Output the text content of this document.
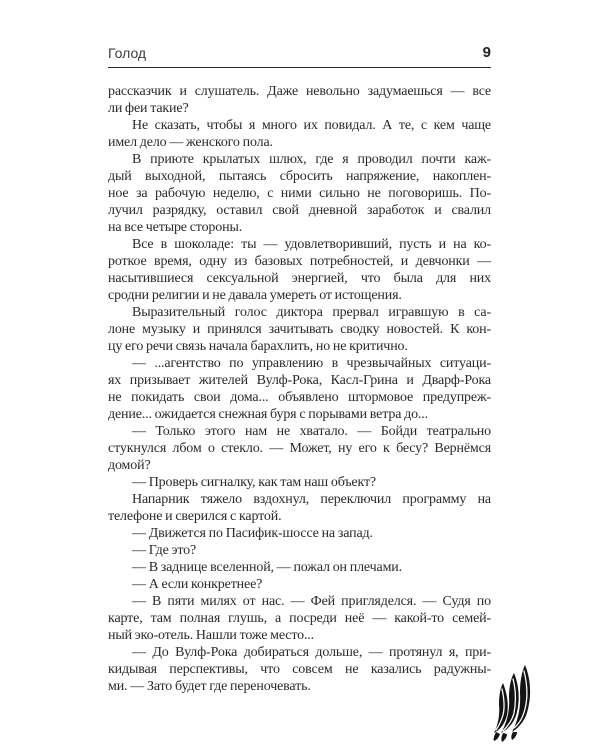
Голод	9
рассказчик и слушатель. Даже невольно задумаешься — все
ли феи такие?
Не сказать, чтобы я много их повидал. А те, с кем чаще
имел дело — женского пола.
В приюте крылатых шлюх, где я проводил почти каж-
дый выходной, пытаясь сбросить напряжение, накоплен-
ное за рабочую неделю, с ними сильно не поговоришь. По-
лучил разрядку, оставил свой дневной заработок и свалил
на все четыре стороны.
Все в шоколаде: ты — удовлетворивший, пусть и на ко-
роткое время, одну из базовых потребностей, и девчонки —
насытившиеся сексуальной энергией, что была для них
сродни религии и не давала умереть от истощения.
Выразительный голос диктора прервал игравшую в са-
лоне музыку и принялся зачитывать сводку новостей. К кон-
цу его речи связь начала барахлить, но не критично.
— ...агентство по управлению в чрезвычайных ситуаци-
ях призывает жителей Вулф-Рока, Касл-Грина и Дварф-Рока
не покидать свои дома... объявлено штормовое предупреж-
дение... ожидается снежная буря с порывами ветра до...
— Только этого нам не хватало. — Бойди театрально
стукнулся лбом о стекло. — Может, ну его к бесу? Вернёмся
домой?
— Проверь сигналку, как там наш объект?
Напарник тяжело вздохнул, переключил программу на
телефоне и сверился с картой.
— Движется по Пасифик-шоссе на запад.
— Где это?
— В заднице вселенной, — пожал он плечами.
— А если конкретнее?
— В пяти милях от нас. — Фей пригляделся. — Судя по
карте, там полная глушь, а посреди неё — какой-то семей-
ный эко-отель. Нашли тоже место...
— До Вулф-Рока добираться дольше, — протянул я, при-
кидывая перспективы, что совсем не казались радужны-
ми. — Зато будет где переночевать.
